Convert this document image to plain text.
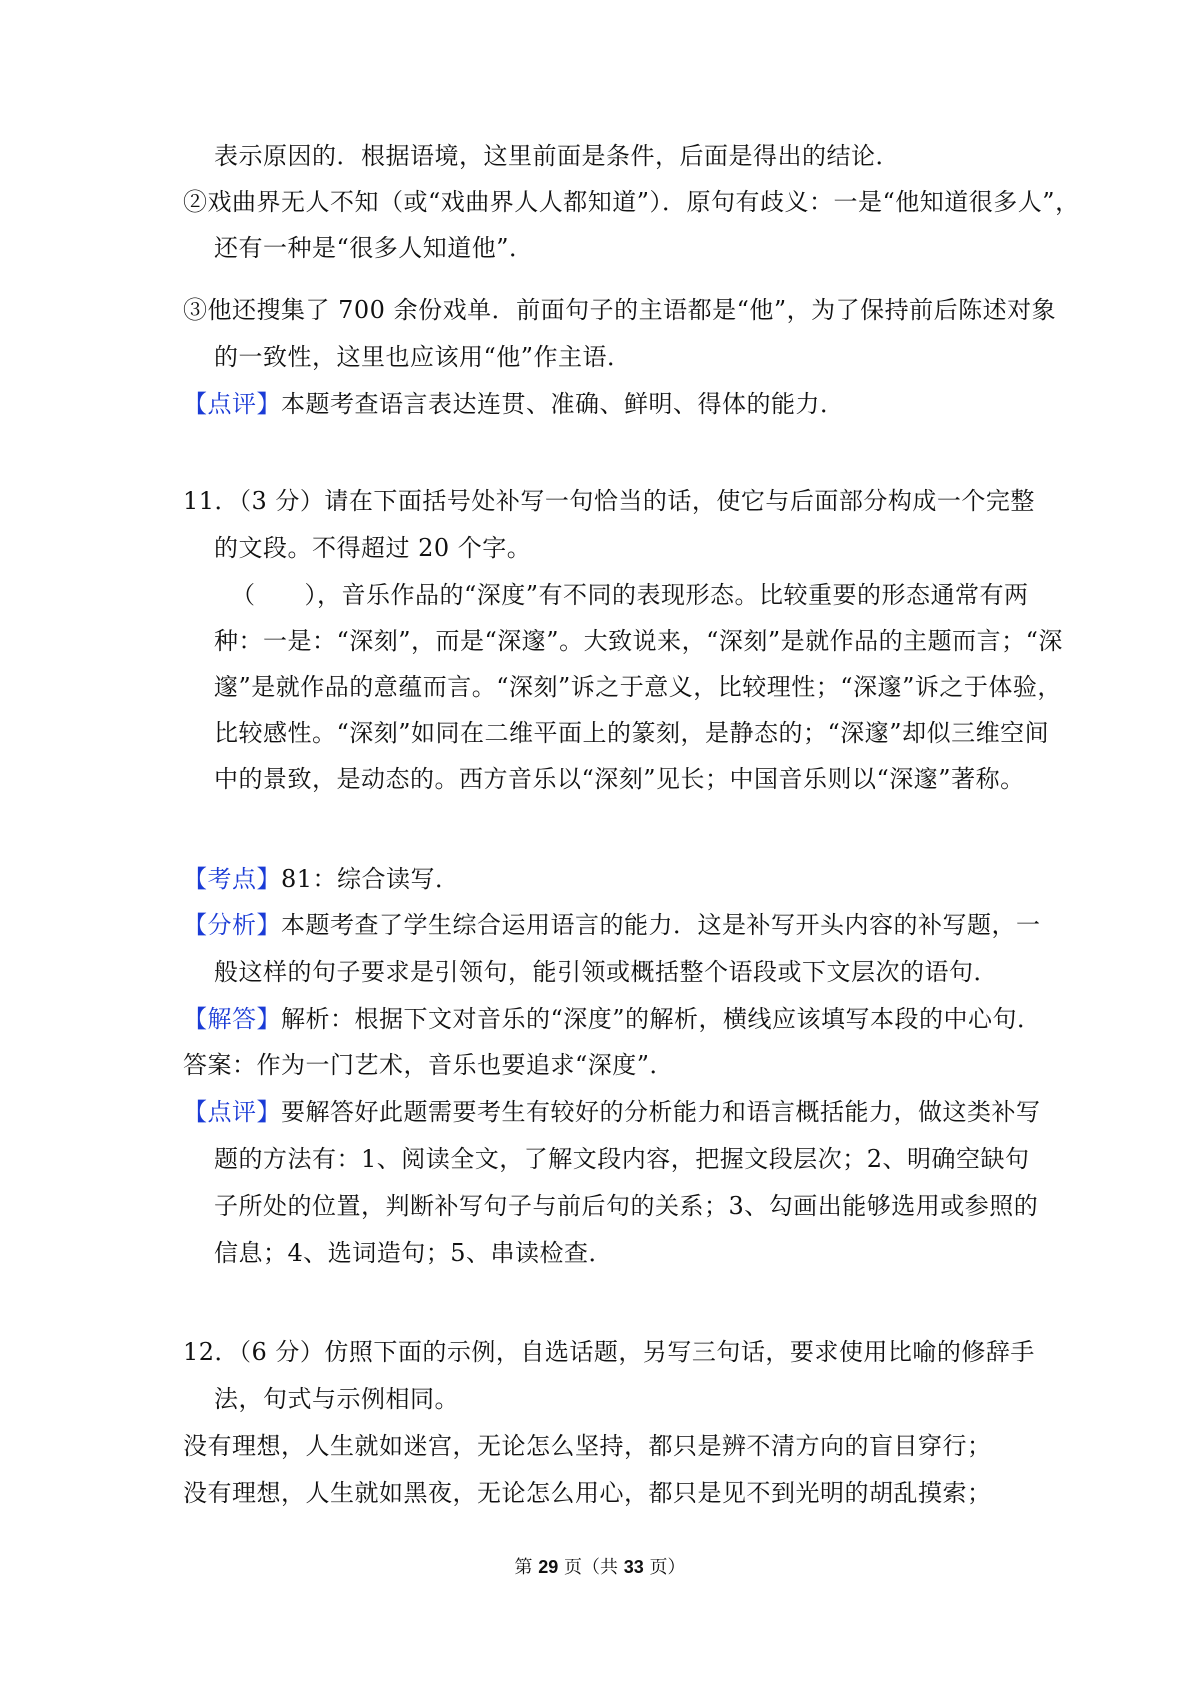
表示原因的．根据语境，这里前面是条件，后面是得出的结论．
②戏曲界无人不知（或“戏曲界人人都知道”）．原句有歧义：一是“他知道很多人”，
还有一种是“很多人知道他”．
③他还搜集了 700 余份戏单．前面句子的主语都是“他”，为了保持前后陈述对象
的一致性，这里也应该用“他”作主语．
【点评】本题考查语言表达连贯、准确、鲜明、得体的能力．
11．（3 分）请在下面括号处补写一句恰当的话，使它与后面部分构成一个完整
的文段。不得超过 20 个字。
（　　），音乐作品的“深度”有不同的表现形态。比较重要的形态通常有两
种：一是：“深刻”，而是“深邃”。大致说来，“深刻”是就作品的主题而言；“深
邃”是就作品的意蕴而言。“深刻”诉之于意义，比较理性；“深邃”诉之于体验，
比较感性。“深刻”如同在二维平面上的篆刻，是静态的；“深邃”却似三维空间
中的景致，是动态的。西方音乐以“深刻”见长；中国音乐则以“深邃”著称。
【考点】81：综合读写．
【分析】本题考查了学生综合运用语言的能力．这是补写开头内容的补写题，一
般这样的句子要求是引领句，能引领或概括整个语段或下文层次的语句．
【解答】解析：根据下文对音乐的“深度”的解析，横线应该填写本段的中心句．
答案：作为一门艺术，音乐也要追求“深度”．
【点评】要解答好此题需要考生有较好的分析能力和语言概括能力，做这类补写
题的方法有：1、阅读全文，了解文段内容，把握文段层次；2、明确空缺句
子所处的位置，判断补写句子与前后句的关系；3、勾画出能够选用或参照的
信息；4、选词造句；5、串读检查．
12．（6 分）仿照下面的示例，自选话题，另写三句话，要求使用比喻的修辞手
法，句式与示例相同。
没有理想，人生就如迷宫，无论怎么坚持，都只是辨不清方向的盲目穿行；
没有理想，人生就如黑夜，无论怎么用心，都只是见不到光明的胡乱摸索；
第 29 页（共 33 页）
